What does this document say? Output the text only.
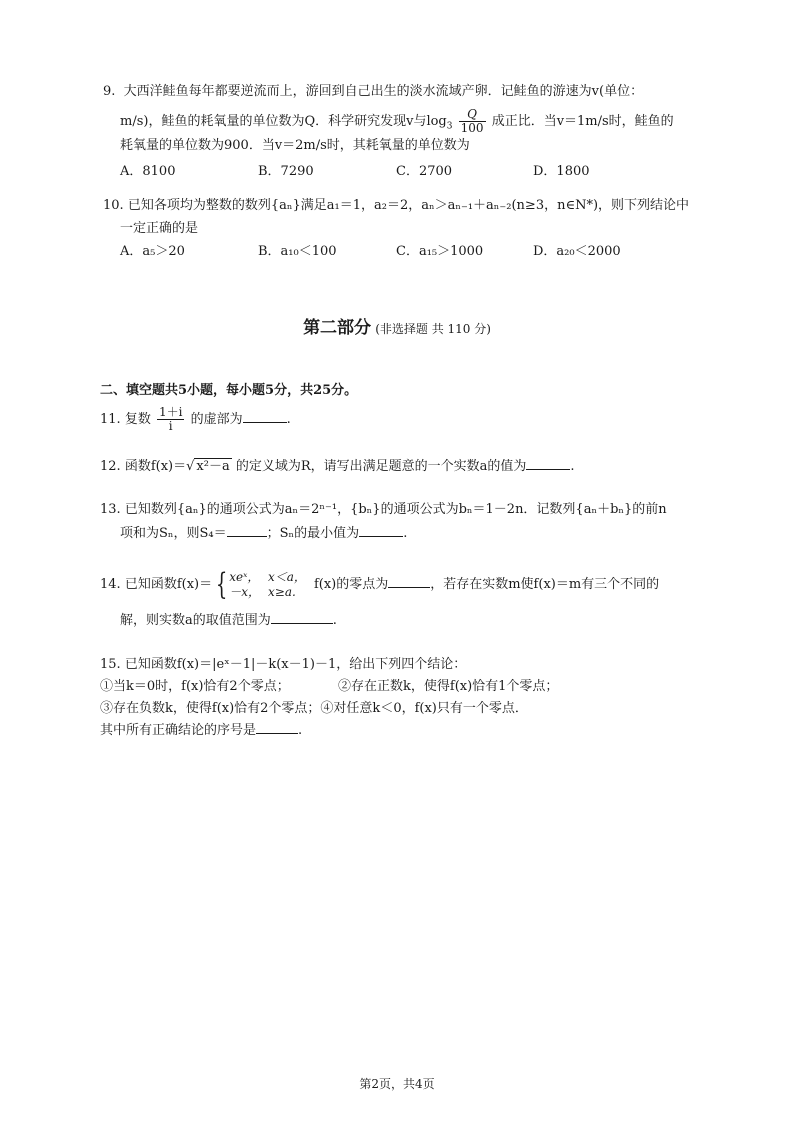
9. 大西洋鲑鱼每年都要逆流而上，游回到自己出生的淡水流域产卵．记鲑鱼的游速为v(单位：
m/s)，鲑鱼的耗氧量的单位数为Q．科学研究发现v与$\log_3 \frac{Q}{100}$ 成正比．当v＝1m/s时，鲑鱼的
耗氧量的单位数为900．当v＝2m/s时，其耗氧量的单位数为
A．8100	B．7290	C．2700	D．1800
10. 已知各项均为整数的数列{aₙ}满足a₁＝1，a₂＝2，aₙ＞aₙ₋₁＋aₙ₋₂(n≥3，n∈N*)，则下列结论中
一定正确的是
A．a₅＞20	B．a₁₀＜100	C．a₁₅＞1000	D．a₂₀＜2000
第二部分 (非选择题 共 110 分)
二、填空题共5小题，每小题5分，共25分。
11. 复数 $\frac{1+i}{i}$ 的虚部为	.
12. 函数f(x)＝√ x²－a 的定义域为R，请写出满足题意的一个实数a的值为	.
13. 已知数列{aₙ}的通项公式为aₙ＝2ⁿ⁻¹，{bₙ}的通项公式为bₙ＝1－2n．记数列{aₙ＋bₙ}的前n
项和为Sₙ，则S₄＝	；Sₙ的最小值为	.
14. 已知函数f(x)＝ { xeˣ，	x＜a，
－x，	x≥a. f(x)的零点为	，若存在实数m使f(x)＝m有三个不同的
解，则实数a的取值范围为	.
15. 已知函数f(x)＝|eˣ－1|－k(x－1)－1，给出下列四个结论：
①当k＝0时，f(x)恰有2个零点；	②存在正数k，使得f(x)恰有1个零点；
③存在负数k，使得f(x)恰有2个零点；④对任意k＜0，f(x)只有一个零点．
其中所有正确结论的序号是	.
第2页，共4页
